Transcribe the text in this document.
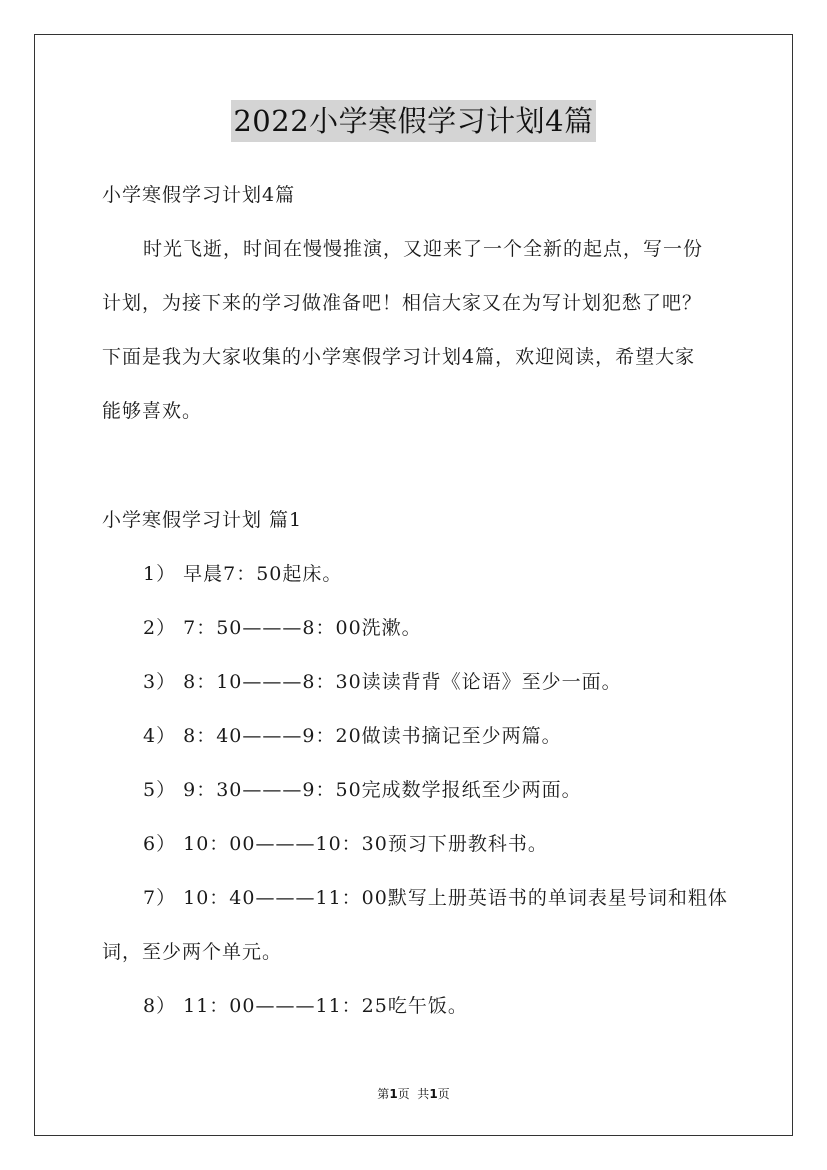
2022小学寒假学习计划4篇
小学寒假学习计划4篇
时光飞逝，时间在慢慢推演，又迎来了一个全新的起点，写一份
计划，为接下来的学习做准备吧！相信大家又在为写计划犯愁了吧？
下面是我为大家收集的小学寒假学习计划4篇，欢迎阅读，希望大家
能够喜欢。
小学寒假学习计划 篇1
1） 早晨7：50起床。
2） 7：50———8：00洗漱。
3） 8：10———8：30读读背背《论语》至少一面。
4） 8：40———9：20做读书摘记至少两篇。
5） 9：30———9：50完成数学报纸至少两面。
6） 10：00———10：30预习下册教科书。
7） 10：40———11：00默写上册英语书的单词表星号词和粗体
词，至少两个单元。
8） 11：00———11：25吃午饭。
第1页  共1页
